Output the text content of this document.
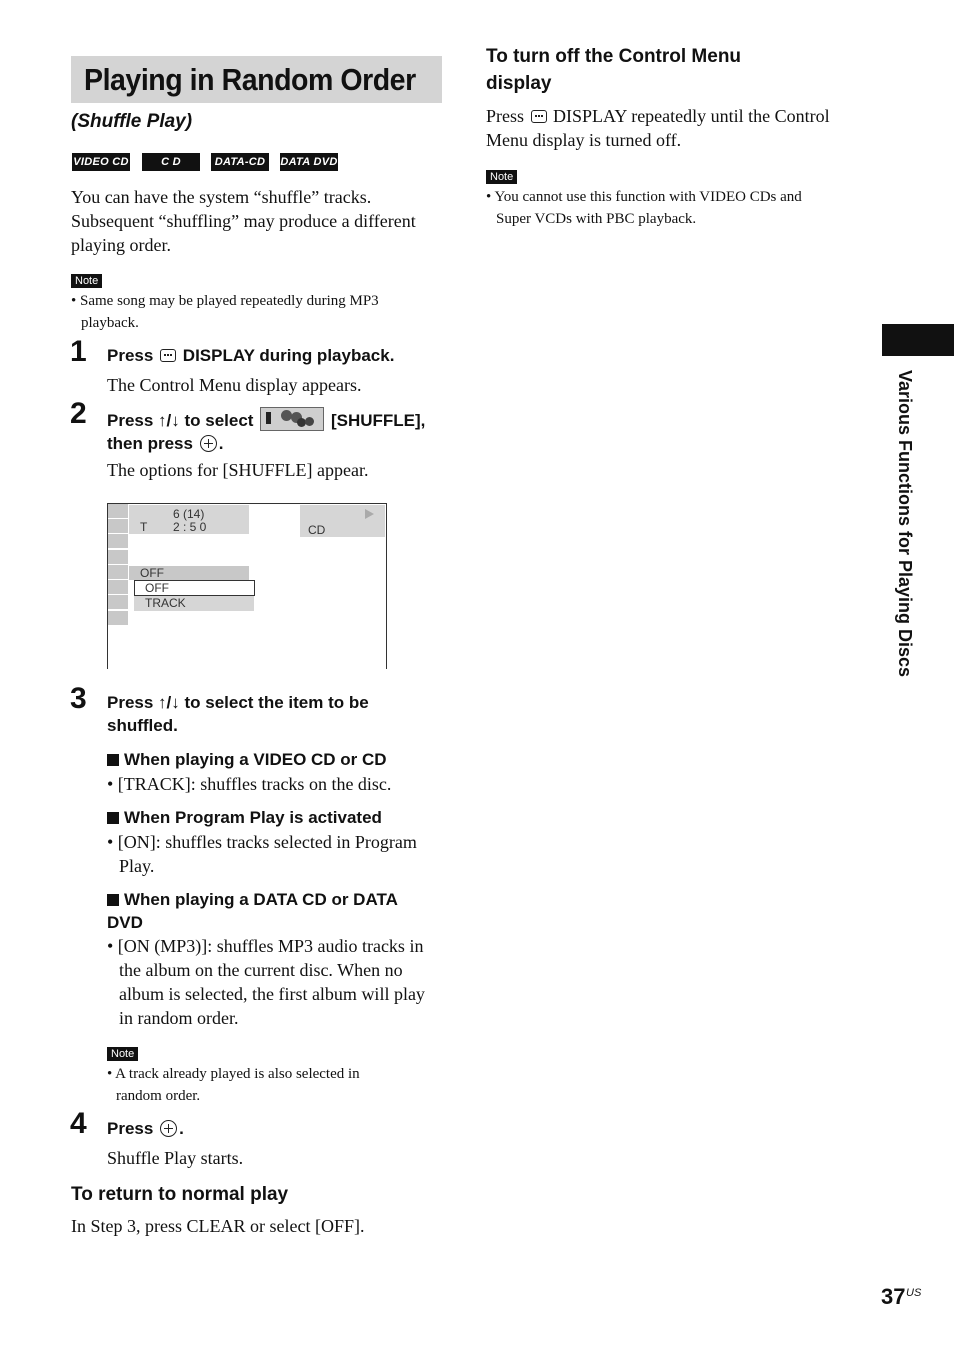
Playing in Random Order
(Shuffle Play)
VIDEO CD	C D	DATA-CD	DATA DVD
You can have the system “shuffle” tracks.
Subsequent “shuffling” may produce a different
playing order.
Note
• Same song may be played repeatedly during MP3
playback.
1 Press DISPLAY during playback.
The Control Menu display appears.
2 Press ↑/↓ to select	[SHUFFLE],
then press .
The options for [SHUFFLE] appear.
6 (14)
T 2 : 5 0	CD
OFF
OFF
TRACK
3 Press ↑/↓ to select the item to be
shuffled.
When playing a VIDEO CD or CD
• [TRACK]: shuffles tracks on the disc.
When Program Play is activated
• [ON]: shuffles tracks selected in Program
Play.
When playing a DATA CD or DATA
DVD
• [ON (MP3)]: shuffles MP3 audio tracks in
the album on the current disc. When no
album is selected, the first album will play
in random order.
Note
• A track already played is also selected in
random order.
4 Press .
Shuffle Play starts.
To return to normal play
In Step 3, press CLEAR or select [OFF].
To turn off the Control Menu
display
Press DISPLAY repeatedly until the Control
Menu display is turned off.
Note
• You cannot use this function with VIDEO CDs and
Super VCDs with PBC playback.
Various Functions for Playing Discs
37 US
